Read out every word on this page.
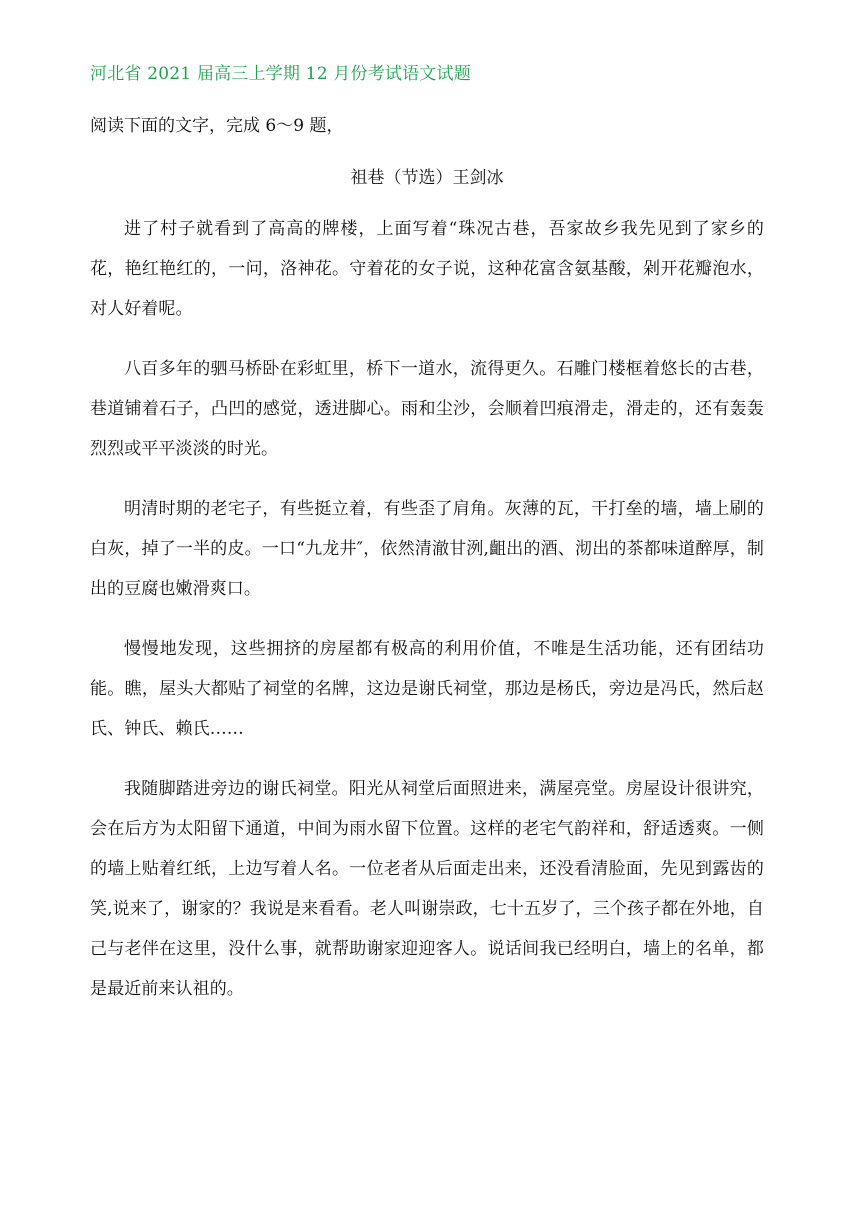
河北省 2021 届高三上学期 12 月份考试语文试题

阅读下面的文字，完成 6～9 题，

祖巷（节选）王剑冰

进了村子就看到了高高的牌楼，上面写着“珠况古巷，吾家故乡我先见到了家乡的花，艳红艳红的，一问，洛神花。守着花的女子说，这种花富含氨基酸，剁开花瓣泡水，对人好着呢。

八百多年的驷马桥卧在彩虹里，桥下一道水，流得更久。石雕门楼框着悠长的古巷，巷道铺着石子，凸凹的感觉，透进脚心。雨和尘沙，会顺着凹痕滑走，滑走的，还有轰轰烈烈或平平淡淡的时光。

明清时期的老宅子，有些挺立着，有些歪了肩角。灰薄的瓦，干打垒的墙，墙上刷的白灰，掉了一半的皮。一口“九龙井″，依然清澈甘洌,齟出的酒、沏出的茶都味道醉厚，制出的豆腐也嫩滑爽口。

慢慢地发现，这些拥挤的房屋都有极高的利用价值，不唯是生活功能，还有团结功能。瞧，屋头大都贴了祠堂的名牌，这边是谢氏祠堂，那边是杨氏，旁边是冯氏，然后赵氏、钟氏、赖氏……

我随脚踏进旁边的谢氏祠堂。阳光从祠堂后面照进来，满屋亮堂。房屋设计很讲究，会在后方为太阳留下通道，中间为雨水留下位置。这样的老宅气韵祥和，舒适透爽。一侧的墙上贴着红纸，上边写着人名。一位老者从后面走出来，还没看清脸面，先见到露齿的笑,说来了，谢家的？我说是来看看。老人叫谢崇政，七十五岁了，三个孩子都在外地，自己与老伴在这里，没什么事，就帮助谢家迎迎客人。说话间我已经明白，墙上的名单，都是最近前来认祖的。
